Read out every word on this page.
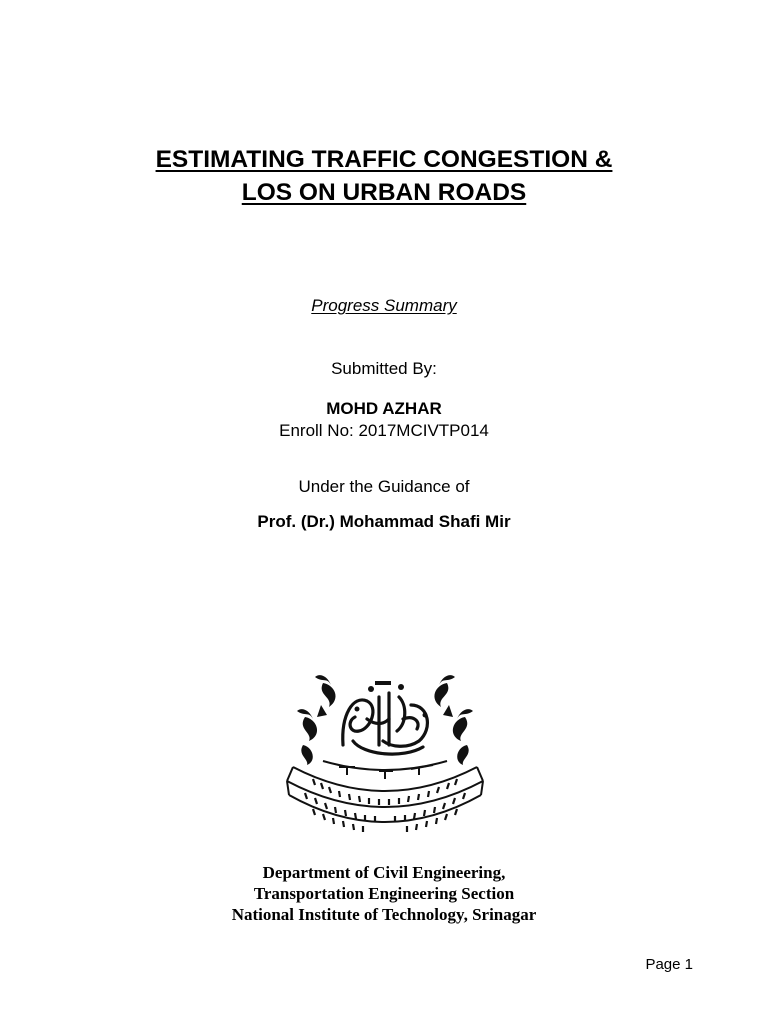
ESTIMATING TRAFFIC CONGESTION &
LOS ON URBAN ROADS

Progress Summary

Submitted By:

MOHD AZHAR

Enroll No: 2017MCIVTP014

Under the Guidance of

Prof. (Dr.) Mohammad Shafi Mir

Department of Civil Engineering,

Transportation Engineering Section

National Institute of Technology, Srinagar

Page 1
